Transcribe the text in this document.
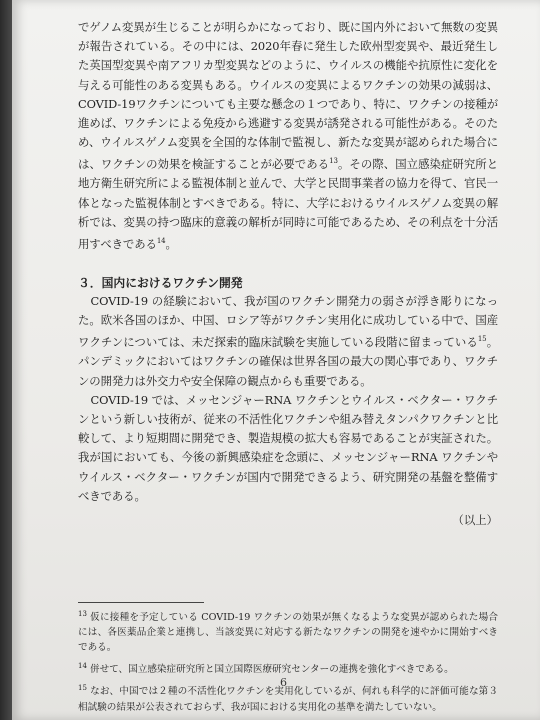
でゲノム変異が生じることが明らかになっており、既に国内外において無数の変異が報告されている。その中には、2020年春に発生した欧州型変異や、最近発生した英国型変異や南アフリカ型変異などのように、ウイルスの機能や抗原性に変化を与える可能性のある変異もある。ウイルスの変異によるワクチンの効果の減弱は、COVID-19ワクチンについても主要な懸念の１つであり、特に、ワクチンの接種が進めば、ワクチンによる免疫から逃避する変異が誘発される可能性がある。そのため、ウイルスゲノム変異を全国的な体制で監視し、新たな変異が認められた場合には、ワクチンの効果を検証することが必要である$^{13}$。その際、国立感染症研究所と地方衛生研究所による監視体制と並んで、大学と民間事業者の協力を得て、官民一体となった監視体制とすべきである。特に、大学におけるウイルスゲノム変異の解析では、変異の持つ臨床的意義の解析が同時に可能であるため、その利点を十分活用すべきである$^{14}$。

３．国内におけるワクチン開発

COVID-19 の経験において、我が国のワクチン開発力の弱さが浮き彫りになった。欧米各国のほか、中国、ロシア等がワクチン実用化に成功している中で、国産ワクチンについては、未だ探索的臨床試験を実施している段階に留まっている$^{15}$。パンデミックにおいてはワクチンの確保は世界各国の最大の関心事であり、ワクチンの開発力は外交力や安全保障の観点からも重要である。

COVID-19 では、メッセンジャーRNA ワクチンとウイルス・ベクター・ワクチンという新しい技術が、従来の不活性化ワクチンや組み替えタンパクワクチンと比較して、より短期間に開発でき、製造規模の拡大も容易であることが実証された。我が国においても、今後の新興感染症を念頭に、メッセンジャーRNA ワクチンやウイルス・ベクター・ワクチンが国内で開発できるよう、研究開発の基盤を整備すべきである。

（以上）
$^{13}$ 仮に接種を予定している COVID-19 ワクチンの効果が無くなるような変異が認められた場合には、各医薬品企業と連携し、当該変異に対応する新たなワクチンの開発を速やかに開始すべきである。
$^{14}$ 併せて、国立感染症研究所と国立国際医療研究センターの連携を強化すべきである。
$^{15}$ なお、中国では２種の不活性化ワクチンを実用化しているが、何れも科学的に評価可能な第３相試験の結果が公表されておらず、我が国における実用化の基準を満たしていない。
6
